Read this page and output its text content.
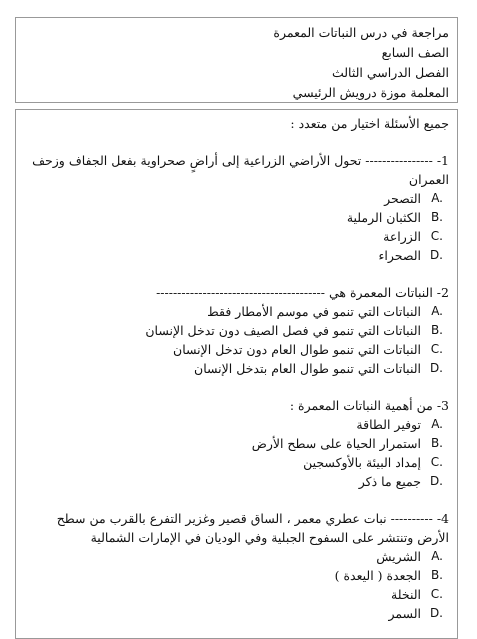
مراجعة في درس النباتات المعمرة
الصف السابع
الفصل الدراسي الثالث
المعلمة موزة درويش الرئيسي
جميع الأسئلة اختيار من متعدد :
1- ---------------- تحول الأراضي الزراعية إلى أراضٍ صحراوية بفعل الجفاف وزحف العمران
A.
التصحر
B.
الكثبان الرملية
C.
الزراعة
D.
الصحراء
2- النباتات المعمرة هي ----------------------------------------
A.
النباتات التي تنمو في موسم الأمطار فقط
B.
النباتات التي تنمو في فصل الصيف دون تدخل الإنسان
C.
النباتات التي تنمو طوال العام دون تدخل الإنسان
D.
النباتات التي تنمو طوال العام بتدخل الإنسان
3- من أهمية النباتات المعمرة :
A.
توفير الطاقة
B.
استمرار الحياة على سطح الأرض
C.
إمداد البيئة بالأوكسجين
D.
جميع ما ذكر
4- ---------- نبات عطري معمر ، الساق قصير وغزير التفرع بالقرب من سطح الأرض وتنتشر على السفوح الجبلية وفي الوديان في الإمارات الشمالية
A.
الشريش
B.
الجعدة ( اليعدة )
C.
النخلة
D.
السمر
